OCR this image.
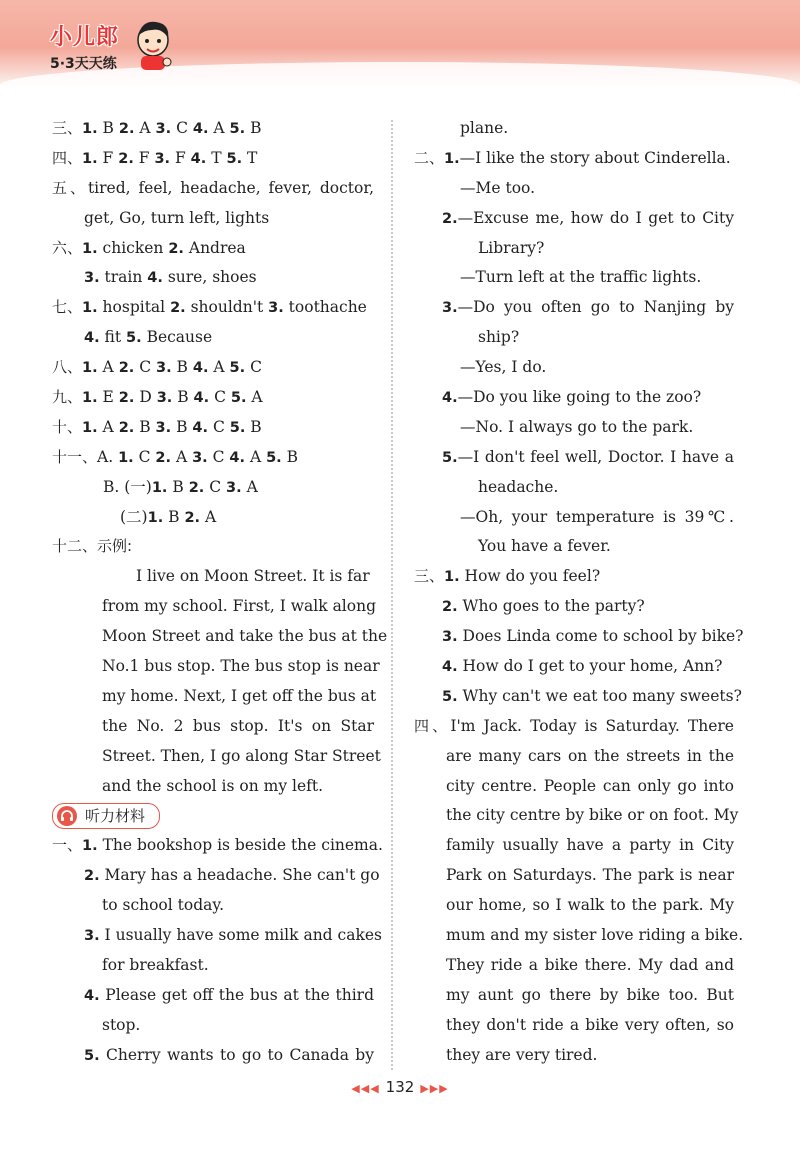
小儿郎
5·3天天练
三、1. B 2. A 3. C 4. A 5. B
四、1. F 2. F 3. F 4. T 5. T
五、tired, feel, headache, fever, doctor,
get, Go, turn left, lights
六、1. chicken 2. Andrea
3. train 4. sure, shoes
七、1. hospital 2. shouldn't 3. toothache
4. fit 5. Because
八、1. A 2. C 3. B 4. A 5. C
九、1. E 2. D 3. B 4. C 5. A
十、1. A 2. B 3. B 4. C 5. B
十一、A. 1. C 2. A 3. C 4. A 5. B
B. (一)1. B 2. C 3. A
(二)1. B 2. A
十二、示例:
I live on Moon Street. It is far
from my school. First, I walk along
Moon Street and take the bus at the
No.1 bus stop. The bus stop is near
my home. Next, I get off the bus at
the No. 2 bus stop. It's on Star
Street. Then, I go along Star Street
and the school is on my left.
听力材料
一、1. The bookshop is beside the cinema.
2. Mary has a headache. She can't go
to school today.
3. I usually have some milk and cakes
for breakfast.
4. Please get off the bus at the third
stop.
5. Cherry wants to go to Canada by
plane.
二、1.—I like the story about Cinderella.
—Me too.
2.—Excuse me, how do I get to City
Library?
—Turn left at the traffic lights.
3.—Do you often go to Nanjing by
ship?
—Yes, I do.
4.—Do you like going to the zoo?
—No. I always go to the park.
5.—I don't feel well, Doctor. I have a
headache.
—Oh, your temperature is 39℃.
You have a fever.
三、1. How do you feel?
2. Who goes to the party?
3. Does Linda come to school by bike?
4. How do I get to your home, Ann?
5. Why can't we eat too many sweets?
四、I'm Jack. Today is Saturday. There
are many cars on the streets in the
city centre. People can only go into
the city centre by bike or on foot. My
family usually have a party in City
Park on Saturdays. The park is near
our home, so I walk to the park. My
mum and my sister love riding a bike.
They ride a bike there. My dad and
my aunt go there by bike too. But
they don't ride a bike very often, so
they are very tired.
◀◀◀ 132 ▶▶▶
